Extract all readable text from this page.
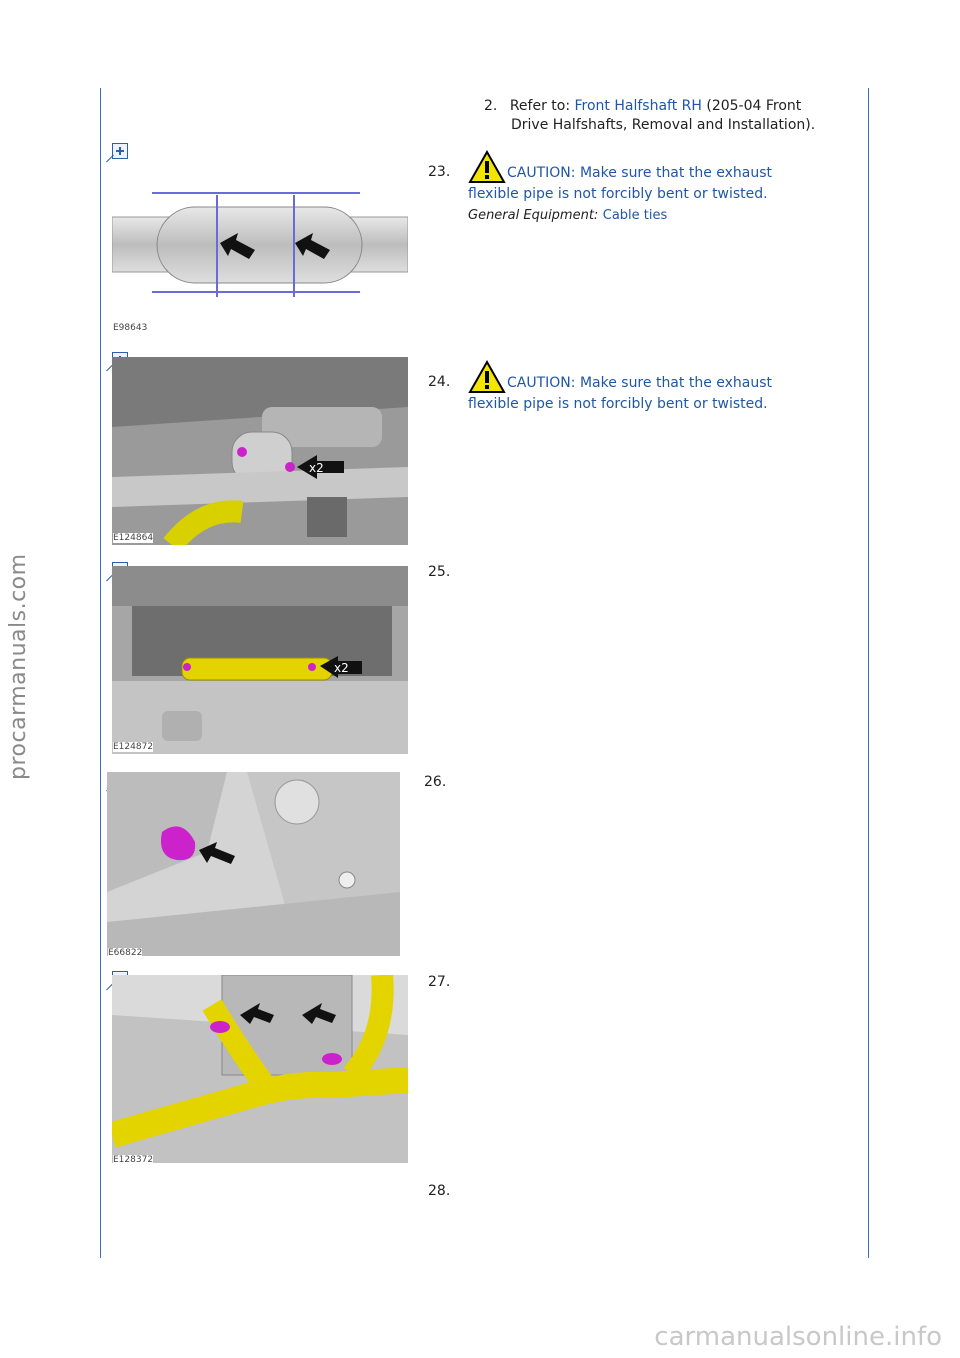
procarmanuals.com
2. Refer to: Front Halfshaft RH (205-04 Front
Drive Halfshafts, Removal and Installation).
E98643
23.	CAUTION: Make sure that the exhaust
flexible pipe is not forcibly bent or twisted.
General Equipment: Cable ties
x2
E124864
24.	CAUTION: Make sure that the exhaust
flexible pipe is not forcibly bent or twisted.
x2
E124872
25.
E66822
26.
E128372
27.
28.
carmanualsonline.info
